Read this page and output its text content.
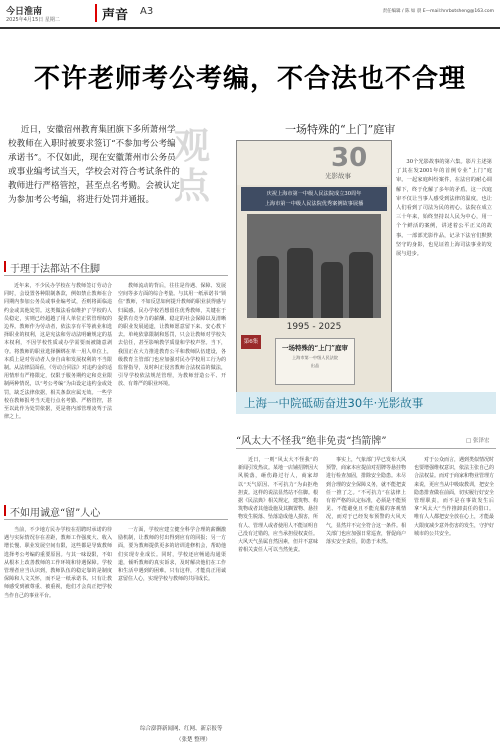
今日淮南
2025年4月15日 星期二	声音 A3	责任编辑 / 陈 如 晨 E—mail:hnrbotsheng@163.com
不许老师考公考编，不合法也不合理
近日，安徽宿州教育集团旗下多所萧州学校教师在入职时被要求签订“不参加考公考编承诺书”。不仅如此，现在安徽萧州市公务员或事业编考试当天，学校会对符合考试条件的教师进行严格管控，甚至点名考勤。会被认定为参加考公考编，将进行处罚并通报。
观点
于理于法都站不住脚
近年来，不少民办学校在与教师签订劳动合同时，会设置各种限制条款，例如禁止教师在合同期内参加公务员或事业编考试，否则将面临违约金或其他处罚。这类做法看似维护了学校的人员稳定，实则已经超越了用人单位正常管理权的边界。教师作为劳动者，依法享有平等就业和选择职业的权利，这是宪法和劳动法明确规定的基本权利，不因学校性质或办学需要而被随意剥夺。将教师的职业选择捆绑在单一用人单位上，本质上是对劳动者人身自由和发展权利的不当限制。从法律层面看，《劳动合同法》对违约金的适用情形有严格限定，仅限于服务期约定和竞业限制两种情况，以“考公考编”为由设定违约金或处罚，缺乏法律依据，相关条款应属无效。一些学校在教师报考当天进行点名考勤、严格管控，甚至以此作为处罚依据，更是将内部管理凌驾于法律之上。
教师流动的背后，往往是待遇、保障、发展空间等多方面的综合考量。与其用一纸承诺书“锁住”教师，不如反思如何提升教师的职业获得感与归属感。民办学校若想留住优秀教师，关键在于提供有竞争力的薪酬、稳定的社会保障以及清晰的职业发展通道，让教师愿意留下来、安心教下去。单纯依靠限制和惩罚，只会让教师对学校失去信任，甚至影响教学质量和学校声誉。当下，我国正在大力推进教育公平和教师队伍建设，各级教育主管部门也应加强对民办学校用工行为的监督指导，及时纠正侵害教师合法权益的做法，引导学校依法规范管理，为教师营造公平、开放、有尊严的职业环境。
不如用诚意“留”人心
当前，不少地方民办学校在招聘时承诺的待遇与实际情况存在差距，教师工作强度大、收入增长慢、职业发展空间有限，这些都是导致教师选择考公考编的重要原因。与其一味设限，不如从根本上改善教师的工作环境和待遇保障。学校管理者应当认识到，教师队伍的稳定靠的是制度保障和人文关怀，而不是一纸承诺书。只有让教师感受到被尊重、被重视，他们才会真正把学校当作自己的事业平台。
一方面，学校应建立健全科学合理的薪酬激励机制，让教师的付出得到应有的回报；另一方面，要为教师提供更多的培训进修机会，帮助他们实现专业成长。同时，学校还应畅通沟通渠道，倾听教师的真实诉求，及时解决他们在工作和生活中遇到的困难。只有这样，才能真正用诚意留住人心，实现学校与教师的共同成长。
综合澎湃新闻网、红网、新京报等
（张楚 整理）
一场特殊的“上门”庭审
30
光影故事
庆祝上海市第一中级人民法院成立30周年
上海市第一中级人民法院优秀案例故事展播
1995 - 2025
第6集
一场特殊的“上门”庭审
上海市第一中级人民法院
出品
30个光影故事的第六集。影片主述第了其在发2001年的首例专业“上门”庭审。一起家庭纠纷案件，在法官的耐心调解下，终于化解了多年的矛盾。这一次庭审不仅让当事人感受到法律的温度，也让人们看到了司法为民的初心。法院在成立三十年来，始终坚持以人民为中心，用一个个鲜活的案例，讲述着公平正义的故事。一部部光影作品，记录下法官们默默坚守的身影，也见证着上海司法事业的发展与进步。
上海一中院砥砺奋进30年·光影故事
“风太大不怪我”绝非免责“挡箭牌”	□ 张泽宏
近日，一则“风太大不怪我”的新闻引发热议。某地一店铺招牌因大风脱落，砸伤路过行人，商家却以“天气原因、不可抗力”为由拒绝担责。这样的说法显然站不住脚。根据《民法典》相关规定，建筑物、构筑物或者其他设施及其搁置物、悬挂物发生脱落、坠落造成他人损害，所有人、管理人或者使用人不能证明自己没有过错的，应当承担侵权责任。大风天气虽属自然因素，但并不意味着相关责任人可以当然免责。
事实上，气象部门早已发布大风预警，商家本应提前对招牌等悬挂物进行检查加固，排除安全隐患。未尽到合理的安全保障义务，就不能把责任一推了之。“不可抗力”在法律上有着严格的认定标准，必须是不能预见、不能避免且不能克服的客观情况，而对于已经发布预警的大风天气，显然并不完全符合这一条件。相关部门也应加强日常巡查，督促商户落实安全责任，防患于未然。
对于公众而言，遇到类似情况时也要增强维权意识，依法主张自己的合法权益。而对于商家和物业管理方来说，更应当从中吸取教训，把安全隐患排查做在前面，切实履行好安全管理职责，而不是在事故发生后拿“风太大”当作推卸责任的借口。唯有人人都把安全放在心上，才能最大限度减少意外伤害的发生，守护好城市的公共安全。
